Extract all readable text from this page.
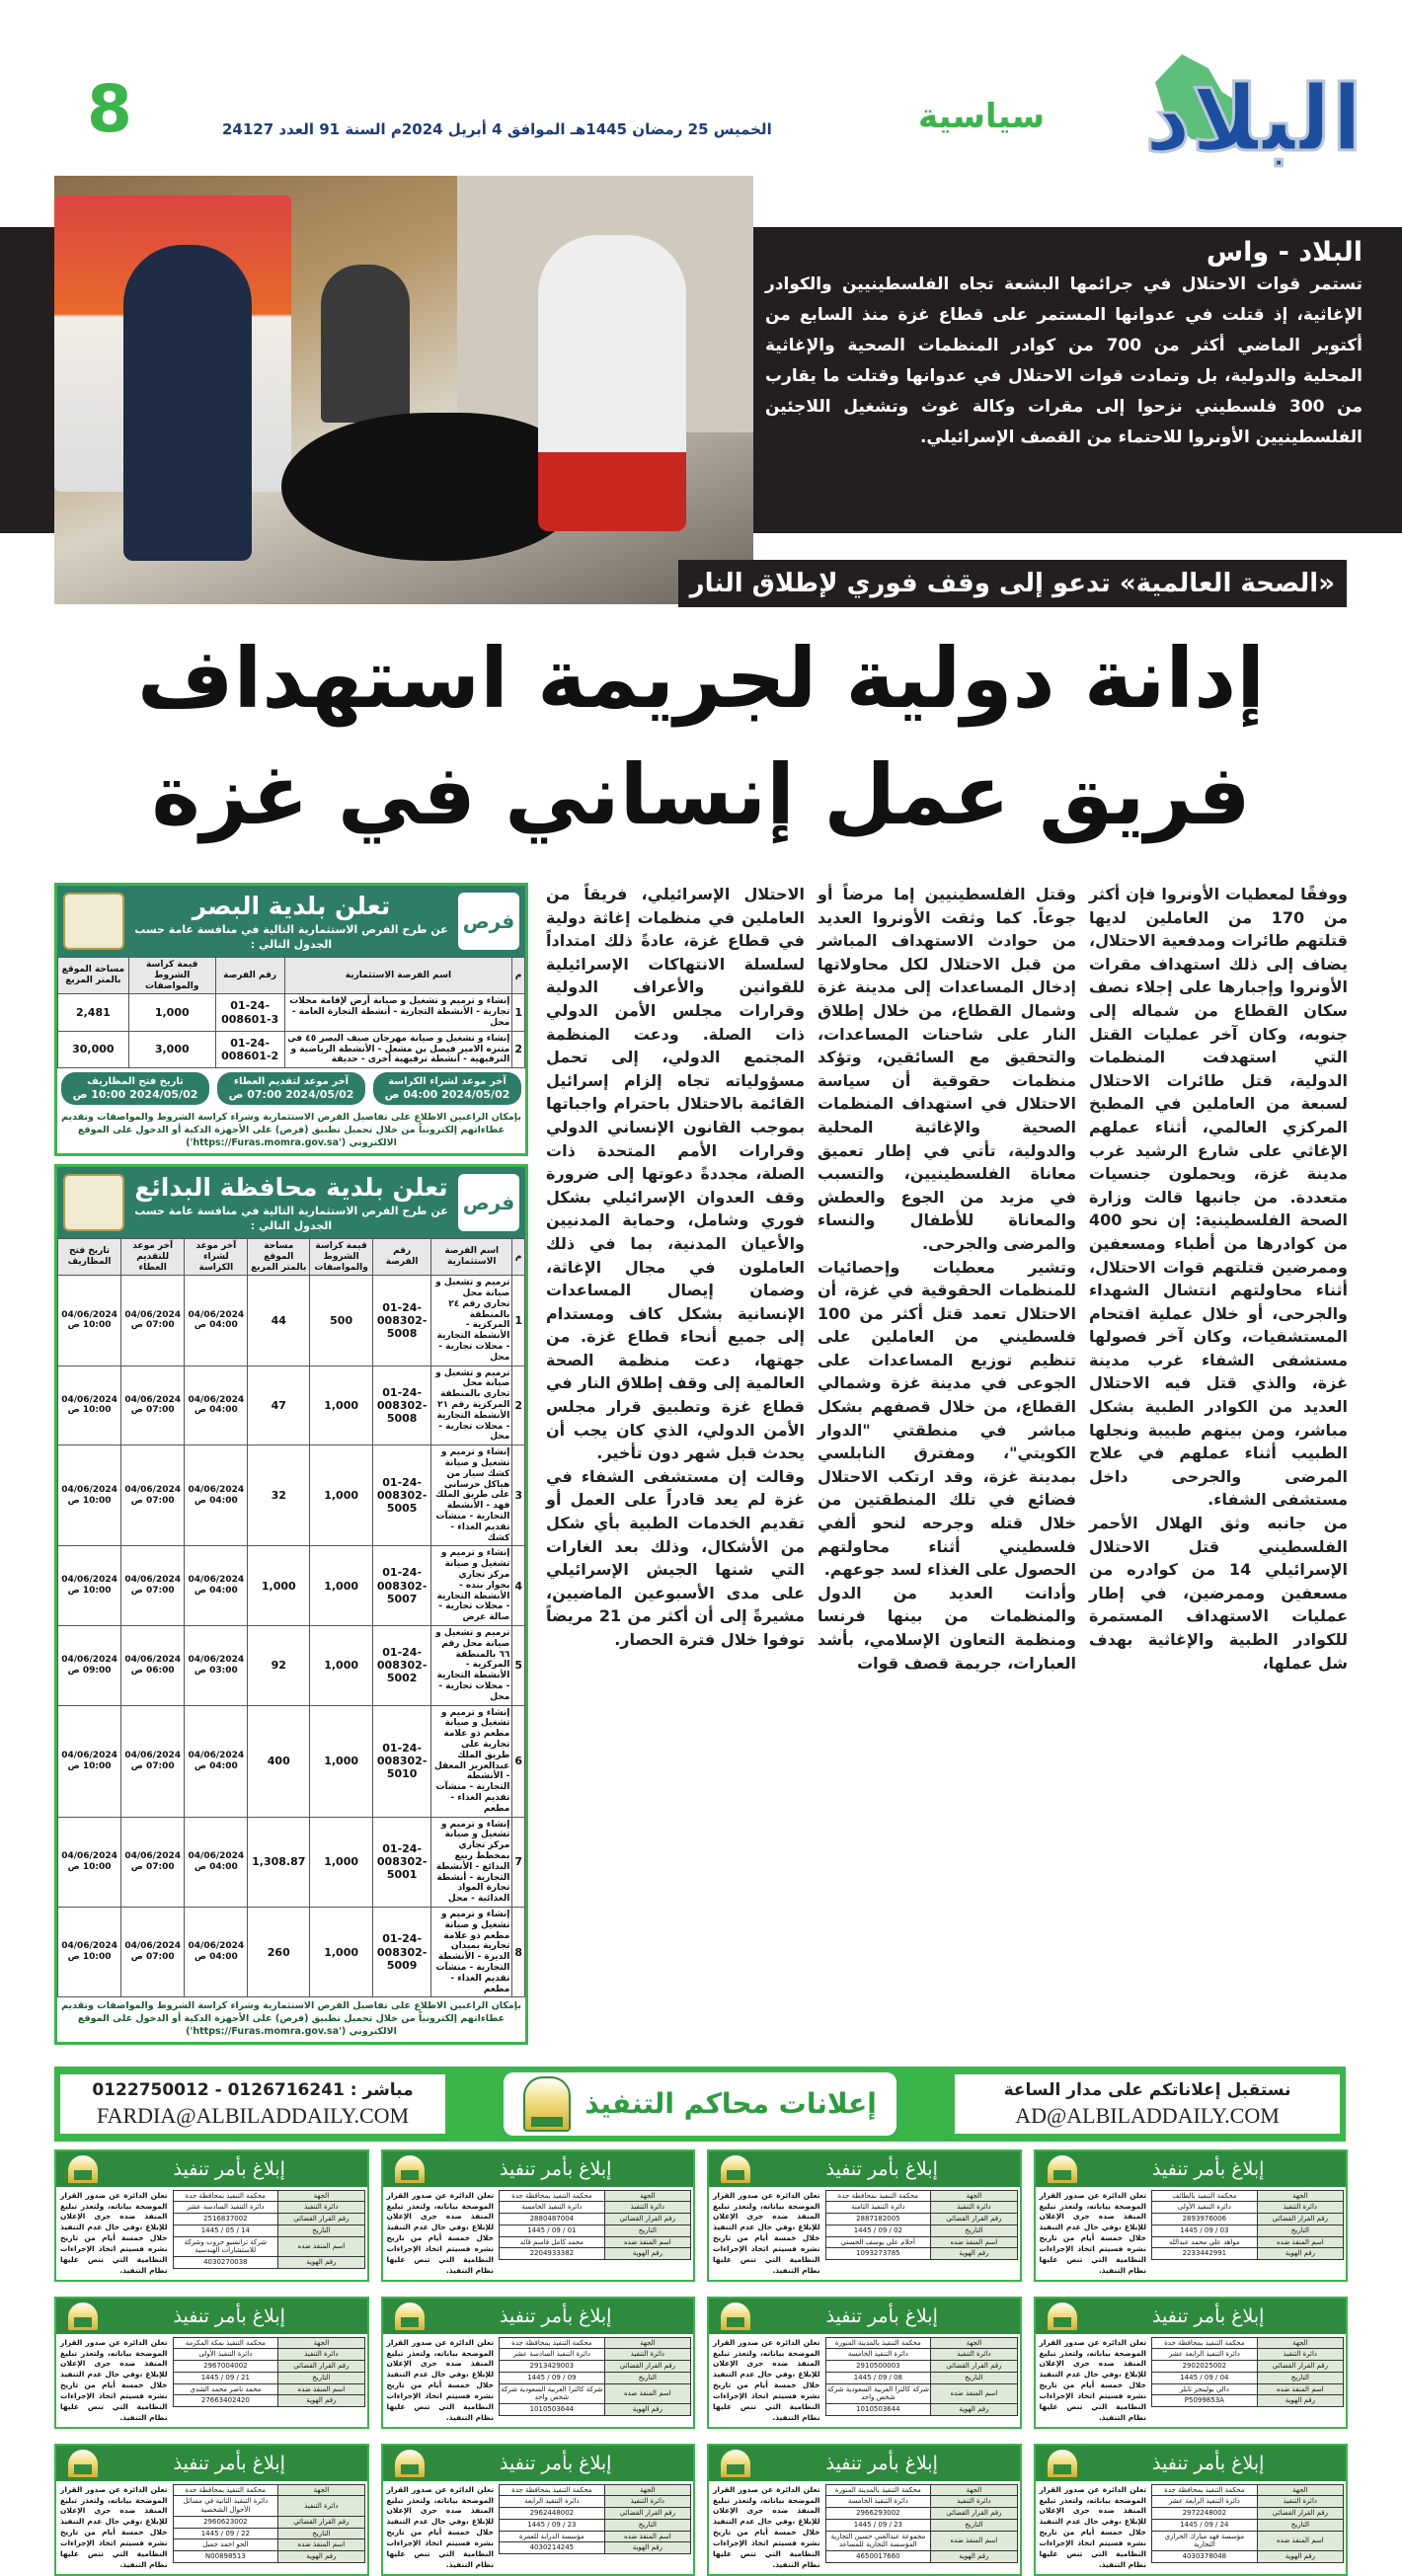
البلاد
سياسية
الخميس 25 رمضان 1445هـ الموافق 4 أبريل 2024م السنة 91 العدد 24127
8
البلاد - واس

تستمر قوات الاحتلال في جرائمها البشعة تجاه الفلسطينيين والكوادر الإغاثية، إذ قتلت في عدوانها المستمر على قطاع غزة منذ السابع من أكتوبر الماضي أكثر من 700 من كوادر المنظمات الصحية والإغاثية المحلية والدولية، بل وتمادت قوات الاحتلال في عدوانها وقتلت ما يقارب من 300 فلسطيني نزحوا إلى مقرات وكالة غوث وتشغيل اللاجئين الفلسطينيين الأونروا للاحتماء من القصف الإسرائيلي.

«الصحة العالمية» تدعو إلى وقف فوري لإطلاق النار
إدانة دولية لجريمة استهداف
فريق عمل إنساني في غزة

ووفقًا لمعطيات الأونروا فإن أكثر من 170 من العاملين لديها قتلتهم طائرات ومدفعية الاحتلال، يضاف إلى ذلك استهداف مقرات الأونروا وإجبارها على إجلاء نصف سكان القطاع من شماله إلى جنوبه، وكان آخر عمليات القتل التي استهدفت المنظمات الدولية، قتل طائرات الاحتلال لسبعة من العاملين في المطبخ المركزي العالمي، أثناء عملهم الإغاثي على شارع الرشيد غرب مدينة غزة، ويحملون جنسيات متعددة. من جانبها قالت وزارة الصحة الفلسطينية: إن نحو 400 من كوادرها من أطباء ومسعفين وممرضين قتلتهم قوات الاحتلال، أثناء محاولتهم انتشال الشهداء والجرحى، أو خلال عملية اقتحام المستشفيات، وكان آخر فصولها مستشفى الشفاء غرب مدينة غزة، والذي قتل فيه الاحتلال العديد من الكوادر الطبية بشكل مباشر، ومن بينهم طبيبة ونجلها الطبيب أثناء عملهم في علاج المرضى والجرحى داخل مستشفى الشفاء.

من جانبه وثق الهلال الأحمر الفلسطيني قتل الاحتلال الإسرائيلي 14 من كوادره من مسعفين وممرضين، في إطار عمليات الاستهداف المستمرة للكوادر الطبية والإغاثية بهدف شل عملها،

وقتل الفلسطينيين إما مرضاً أو جوعاً. كما وثقت الأونروا العديد من حوادث الاستهداف المباشر من قبل الاحتلال لكل محاولاتها إدخال المساعدات إلى مدينة غزة وشمال القطاع، من خلال إطلاق النار على شاحنات المساعدات، والتحقيق مع السائقين، وتؤكد منظمات حقوقية أن سياسة الاحتلال في استهداف المنظمات الصحية والإغاثية المحلية والدولية، تأتي في إطار تعميق معاناة الفلسطينيين، والتسبب في مزيد من الجوع والعطش والمعاناة للأطفال والنساء والمرضى والجرحى.

وتشير معطيات وإحصائيات للمنظمات الحقوقية في غزة، أن الاحتلال تعمد قتل أكثر من 100 فلسطيني من العاملين على تنظيم توزيع المساعدات على الجوعى في مدينة غزة وشمالي القطاع، من خلال قصفهم بشكل مباشر في منطقتي "الدوار الكويتي"، ومفترق النابلسي بمدينة غزة، وقد ارتكب الاحتلال فضائع في تلك المنطقتين من خلال قتله وجرحه لنحو ألفي فلسطيني أثناء محاولتهم الحصول على الغذاء لسد جوعهم.

وأدانت العديد من الدول والمنظمات من بينها فرنسا ومنظمة التعاون الإسلامي، بأشد العبارات، جريمة قصف قوات

الاحتلال الإسرائيلي، فريقاً من العاملين في منظمات إغاثة دولية في قطاع غزة، عادةً ذلك امتداداً لسلسلة الانتهاكات الإسرائيلية للقوانين والأعراف الدولية وقرارات مجلس الأمن الدولي ذات الصلة. ودعت المنظمة المجتمع الدولي، إلى تحمل مسؤولياته تجاه إلزام إسرائيل القائمة بالاحتلال باحترام واجباتها بموجب القانون الإنساني الدولي وقرارات الأمم المتحدة ذات الصلة، مجددةً دعوتها إلى ضرورة وقف العدوان الإسرائيلي بشكل فوري وشامل، وحماية المدنيين والأعيان المدنية، بما في ذلك العاملون في مجال الإغاثة، وضمان إيصال المساعدات الإنسانية بشكل كاف ومستدام إلى جميع أنحاء قطاع غزة. من جهتها، دعت منظمة الصحة العالمية إلى وقف إطلاق النار في قطاع غزة وتطبيق قرار مجلس الأمن الدولي، الذي كان يجب أن يحدث قبل شهر دون تأخير.

وقالت إن مستشفى الشفاء في غزة لم يعد قادراً على العمل أو تقديم الخدمات الطبية بأي شكل من الأشكال، وذلك بعد الغارات التي شنها الجيش الإسرائيلي على مدى الأسبوعين الماضيين، مشيرةً إلى أن أكثر من 21 مريضاً توفوا خلال فترة الحصار.

فرص
تعلن بلدية البصر
عن طرح الفرص الاستثمارية التالية في منافسة عامة حسب الجدول التالي :
م	اسم الفرصة الاستثمارية	رقم الفرصة	قيمة كراسة الشروط والمواصفات	مساحة الموقع بالمتر المربع
1	إنشاء و ترميم و تشغيل و صيانة أرض لإقامة محلات تجارية - الأنشطة التجارية - أنشطة التجارة العامة - محل	01-24-008601-3	1,000	2,481
2	إنشاء و تشغيل و صيانة مهرجان صيف البصر ٤٥ في متنزه الامير فيصل بن مشعل - الأنشطة الرياضية و الترفيهية - أنشطة ترفيهية أخرى - حديقة	01-24-008601-2	3,000	30,000
آخر موعد لشراء الكراسة
2024/05/02 04:00 ص
آخر موعد لتقديم العطاء
2024/05/02 07:00 ص
تاريخ فتح المظاريف
2024/05/02 10:00 ص
بإمكان الراغبين الاطلاع على تفاصيل الفرص الاستثمارية وشراء كراسة الشروط والمواصفات وتقديم عطاءاتهم إلكترونياً من خلال تحميل تطبيق (فرص) على الأجهزة الذكية أو الدخول على الموقع الالكتروني ('https://Furas.momra.gov.sa')
فرص
تعلن بلدية محافظة البدائع
عن طرح الفرص الاستثمارية التالية في منافسة عامة حسب الجدول التالي :
م	اسم الفرصة الاستثمارية	رقم الفرصة	قيمة كراسة الشروط والمواصفات	مساحة الموقع بالمتر المربع	آخر موعد لشراء الكراسة	آخر موعد للتقديم العطاء	تاريخ فتح المظاريف
1	ترميم و تشغيل و صيانة محل تجاري رقم ٢٤ بالمنطقة المركزية - الأنشطة التجارية - محلات تجارية - محل	01-24-008302-5008	500	44	04/06/2024 04:00 ص	04/06/2024 07:00 ص	04/06/2024 10:00 ص
2	ترميم و تشغيل و صيانة محل تجاري بالمنطقة المركزية رقم ٢١ الأنشطة التجارية - محلات تجارية - محل	01-24-008302-5008	1,000	47	04/06/2024 04:00 ص	04/06/2024 07:00 ص	04/06/2024 10:00 ص
3	إنشاء و ترميم و تشغيل و صيانة كشك سيار من هياكل خرساني على طريق الملك فهد - الأنشطة التجارية - منشآت تقديم الغذاء - كشك	01-24-008302-5005	1,000	32	04/06/2024 04:00 ص	04/06/2024 07:00 ص	04/06/2024 10:00 ص
4	إنشاء و ترميم و تشغيل و صيانة مركز تجاري بجوار بنده - الأنشطة التجارية - محلات تجارية - صالة عرض	01-24-008302-5007	1,000	1,000	04/06/2024 04:00 ص	04/06/2024 07:00 ص	04/06/2024 10:00 ص
5	ترميم و تشغيل و صيانة محل رقم ٦٦ بالمنطقة المركزية - الأنشطة التجارية - محلات تجارية - محل	01-24-008302-5002	1,000	92	04/06/2024 03:00 ص	04/06/2024 06:00 ص	04/06/2024 09:00 ص
6	إنشاء و ترميم و تشغيل و صيانة مطعم ذو علامة تجارية على طريق الملك عبدالعزيز المعقل - الأنشطة التجارية - منشآت تقديم الغذاء - مطعم	01-24-008302-5010	1,000	400	04/06/2024 04:00 ص	04/06/2024 07:00 ص	04/06/2024 10:00 ص
7	إنشاء و ترميم و تشغيل و صيانة مركز تجاري بمخطط ربيع البدائع - الأنشطة التجارية - أنشطة تجارة المواد الغذائية - محل	01-24-008302-5001	1,000	1,308.87	04/06/2024 04:00 ص	04/06/2024 07:00 ص	04/06/2024 10:00 ص
8	إنشاء و ترميم و تشغيل و صيانة مطعم ذو علامة تجارية بميدان الديرة - الأنشطة التجارية - منشآت تقديم الغذاء - مطعم	01-24-008302-5009	1,000	260	04/06/2024 04:00 ص	04/06/2024 07:00 ص	04/06/2024 10:00 ص
بإمكان الراغبين الاطلاع على تفاصيل الفرص الاستثمارية وشراء كراسة الشروط والمواصفات وتقديم عطاءاتهم إلكترونياً من خلال تحميل تطبيق (فرص) على الأجهزة الذكية أو الدخول على الموقع الالكتروني ('https://Furas.momra.gov.sa')
نستقبل إعلاناتكم على مدار الساعة
AD@ALBILADDAILY.COM
إعلانات محاكم التنفيذ
مباشر : 0126716241 - 0122750012
FARDIA@ALBILADDAILY.COM
إبلاغ بأمر تنفيذ
الجهة	محكمة التنفيذ بالطائف
دائرة التنفيذ	دائرة التنفيذ الأولى
رقم القرار القضائي	2893976006
التاريخ	03 / 09 / 1445
اسم المنفذ ضده	مواهد علي محمد عبدالله
رقم الهوية	2233442991
تعلن الدائرة عن صدور القرار الموضحة بياناته، ولتعذر تبليغ المنفذ ضده جرى الإعلان للإبلاغ ،وفي حال عدم التنفيذ خلال خمسة أيام من تاريخ نشره فسيتم اتخاذ الإجراءات النظامية التي تنص عليها نظام التنفيذ.
إبلاغ بأمر تنفيذ
الجهة	محكمة التنفيذ بمحافظة جدة
دائرة التنفيذ	دائرة التنفيذ الثامنة
رقم القرار القضائي	2887182005
التاريخ	02 / 09 / 1445
اسم المنفذ ضده	أحلام علي يوسف الحسني
رقم الهوية	1093273785
تعلن الدائرة عن صدور القرار الموضحة بياناته، ولتعذر تبليغ المنفذ ضده جرى الإعلان للإبلاغ ،وفي حال عدم التنفيذ خلال خمسة أيام من تاريخ نشره فسيتم اتخاذ الإجراءات النظامية التي تنص عليها نظام التنفيذ.
إبلاغ بأمر تنفيذ
الجهة	محكمة التنفيذ بمحافظة جدة
دائرة التنفيذ	دائرة التنفيذ الخامسة
رقم القرار القضائي	2880487004
التاريخ	01 / 09 / 1445
اسم المنفذ ضده	محمد كامل قاسم قائد
رقم الهوية	2204933382
تعلن الدائرة عن صدور القرار الموضحة بياناته، ولتعذر تبليغ المنفذ ضده جرى الإعلان للإبلاغ ،وفي حال عدم التنفيذ خلال خمسة أيام من تاريخ نشره فسيتم اتخاذ الإجراءات النظامية التي تنص عليها نظام التنفيذ.
إبلاغ بأمر تنفيذ
الجهة	محكمة التنفيذ بمحافظة جدة
دائرة التنفيذ	دائرة التنفيذ السادسة عشر
رقم القرار القضائي	2516837002
التاريخ	14 / 05 / 1445
اسم المنفذ ضده	شركة ترانسيو جروب وشركة للاستشارات الهندسية
رقم الهوية	4030270038
تعلن الدائرة عن صدور القرار الموضحة بياناته، ولتعذر تبليغ المنفذ ضده جرى الإعلان للإبلاغ ،وفي حال عدم التنفيذ خلال خمسة أيام من تاريخ نشره فسيتم اتخاذ الإجراءات النظامية التي تنص عليها نظام التنفيذ.
إبلاغ بأمر تنفيذ
الجهة	محكمة التنفيذ بمحافظة جدة
دائرة التنفيذ	دائرة التنفيذ الرابعة عشر
رقم القرار القضائي	2902025002
التاريخ	04 / 09 / 1445
اسم المنفذ ضده	دالي بولينجر تايلر
رقم الهوية	P5099853A
تعلن الدائرة عن صدور القرار الموضحة بياناته، ولتعذر تبليغ المنفذ ضده جرى الإعلان للإبلاغ ،وفي حال عدم التنفيذ خلال خمسة أيام من تاريخ نشره فسيتم اتخاذ الإجراءات النظامية التي تنص عليها نظام التنفيذ.
إبلاغ بأمر تنفيذ
الجهة	محكمة التنفيذ بالمدينة المنورة
دائرة التنفيذ	دائرة التنفيذ الخامسة
رقم القرار القضائي	2910500003
التاريخ	08 / 09 / 1445
اسم المنفذ ضده	شركة كالترا العربية السعودية شركة شخص واحد
رقم الهوية	1010503644
تعلن الدائرة عن صدور القرار الموضحة بياناته، ولتعذر تبليغ المنفذ ضده جرى الإعلان للإبلاغ ،وفي حال عدم التنفيذ خلال خمسة أيام من تاريخ نشره فسيتم اتخاذ الإجراءات النظامية التي تنص عليها نظام التنفيذ.
إبلاغ بأمر تنفيذ
الجهة	محكمة التنفيذ بمحافظة جدة
دائرة التنفيذ	دائرة التنفيذ السادسة عشر
رقم القرار القضائي	2913429003
التاريخ	09 / 09 / 1445
اسم المنفذ ضده	شركة كالترا العربية السعودية شركة شخص واحد
رقم الهوية	1010503644
تعلن الدائرة عن صدور القرار الموضحة بياناته، ولتعذر تبليغ المنفذ ضده جرى الإعلان للإبلاغ ،وفي حال عدم التنفيذ خلال خمسة أيام من تاريخ نشره فسيتم اتخاذ الإجراءات النظامية التي تنص عليها نظام التنفيذ.
إبلاغ بأمر تنفيذ
الجهة	محكمة التنفيذ بمكة المكرمة
دائرة التنفيذ	دائرة التنفيذ الأولى
رقم القرار القضائي	2967004002
التاريخ	21 / 09 / 1445
اسم المنفذ ضده	محمد ناصر محمد الشدي
رقم الهوية	27663402420
تعلن الدائرة عن صدور القرار الموضحة بياناته، ولتعذر تبليغ المنفذ ضده جرى الإعلان للإبلاغ ،وفي حال عدم التنفيذ خلال خمسة أيام من تاريخ نشره فسيتم اتخاذ الإجراءات النظامية التي تنص عليها نظام التنفيذ.
إبلاغ بأمر تنفيذ
الجهة	محكمة التنفيذ بمحافظة جدة
دائرة التنفيذ	دائرة التنفيذ الرابعة عشر
رقم القرار القضائي	2972248002
التاريخ	24 / 09 / 1445
اسم المنفذ ضده	مؤسسة فهد مبارك الحرازي التجارية
رقم الهوية	4030378048
تعلن الدائرة عن صدور القرار الموضحة بياناته، ولتعذر تبليغ المنفذ ضده جرى الإعلان للإبلاغ ،وفي حال عدم التنفيذ خلال خمسة أيام من تاريخ نشره فسيتم اتخاذ الإجراءات النظامية التي تنص عليها نظام التنفيذ.
إبلاغ بأمر تنفيذ
الجهة	محكمة التنفيذ بالمدينة المنورة
دائرة التنفيذ	دائرة التنفيذ الخامسة
رقم القرار القضائي	2966293002
التاريخ	23 / 09 / 1445
اسم المنفذ ضده	مجموعة عبدالغني حسين التجارية المؤسسة التجارية للمساعد
رقم الهوية	4650017660
تعلن الدائرة عن صدور القرار الموضحة بياناته، ولتعذر تبليغ المنفذ ضده جرى الإعلان للإبلاغ ،وفي حال عدم التنفيذ خلال خمسة أيام من تاريخ نشره فسيتم اتخاذ الإجراءات النظامية التي تنص عليها نظام التنفيذ.
إبلاغ بأمر تنفيذ
الجهة	محكمة التنفيذ بمحافظة جدة
دائرة التنفيذ	دائرة التنفيذ الرابعة
رقم القرار القضائي	2962448002
التاريخ	23 / 09 / 1445
اسم المنفذ ضده	مؤسسة الدرابة للعمرة
رقم الهوية	4030214245
تعلن الدائرة عن صدور القرار الموضحة بياناته، ولتعذر تبليغ المنفذ ضده جرى الإعلان للإبلاغ ،وفي حال عدم التنفيذ خلال خمسة أيام من تاريخ نشره فسيتم اتخاذ الإجراءات النظامية التي تنص عليها نظام التنفيذ.
إبلاغ بأمر تنفيذ
الجهة	محكمة التنفيذ بمحافظة جدة
دائرة التنفيذ	دائرة التنفيذ الثانية في مسائل الأحوال الشخصية
رقم القرار القضائي	2960623002
التاريخ	22 / 09 / 1445
اسم المنفذ ضده	الجو احمد جميل
رقم الهوية	N00898513
تعلن الدائرة عن صدور القرار الموضحة بياناته، ولتعذر تبليغ المنفذ ضده جرى الإعلان للإبلاغ ،وفي حال عدم التنفيذ خلال خمسة أيام من تاريخ نشره فسيتم اتخاذ الإجراءات النظامية التي تنص عليها نظام التنفيذ.
